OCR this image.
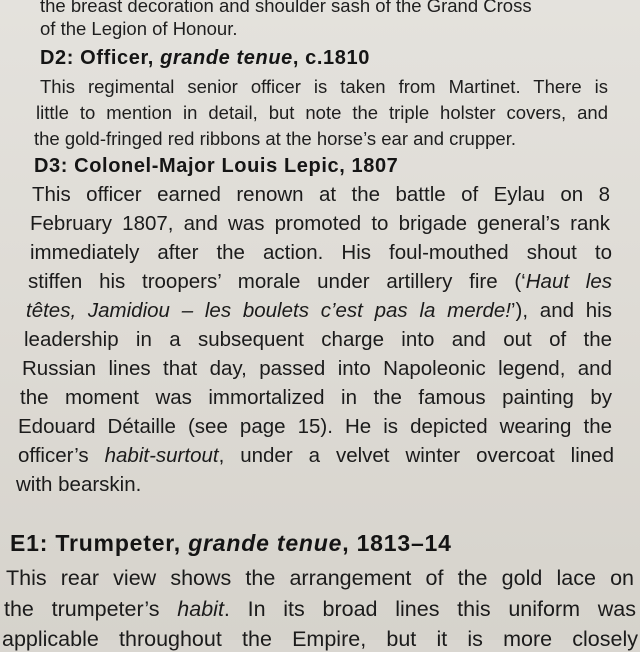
the breast decoration and shoulder sash of the Grand Cross

of the Legion of Honour.

D2: Officer, grande tenue, c.1810

This regimental senior officer is taken from Martinet. There is

little to mention in detail, but note the triple holster covers, and

the gold-fringed red ribbons at the horse’s ear and crupper.

D3: Colonel-Major Louis Lepic, 1807

This officer earned renown at the battle of Eylau on 8

February 1807, and was promoted to brigade general’s rank

immediately after the action. His foul-mouthed shout to

stiffen his troopers’ morale under artillery fire (‘Haut les

têtes, Jamidiou – les boulets c’est pas la merde!’), and his

leadership in a subsequent charge into and out of the

Russian lines that day, passed into Napoleonic legend, and

the moment was immortalized in the famous painting by

Edouard Détaille (see page 15). He is depicted wearing the

officer’s habit-surtout, under a velvet winter overcoat lined

with bearskin.

E1: Trumpeter, grande tenue, 1813–14

This rear view shows the arrangement of the gold lace on

the trumpeter’s habit. In its broad lines this uniform was

applicable throughout the Empire, but it is more closely
